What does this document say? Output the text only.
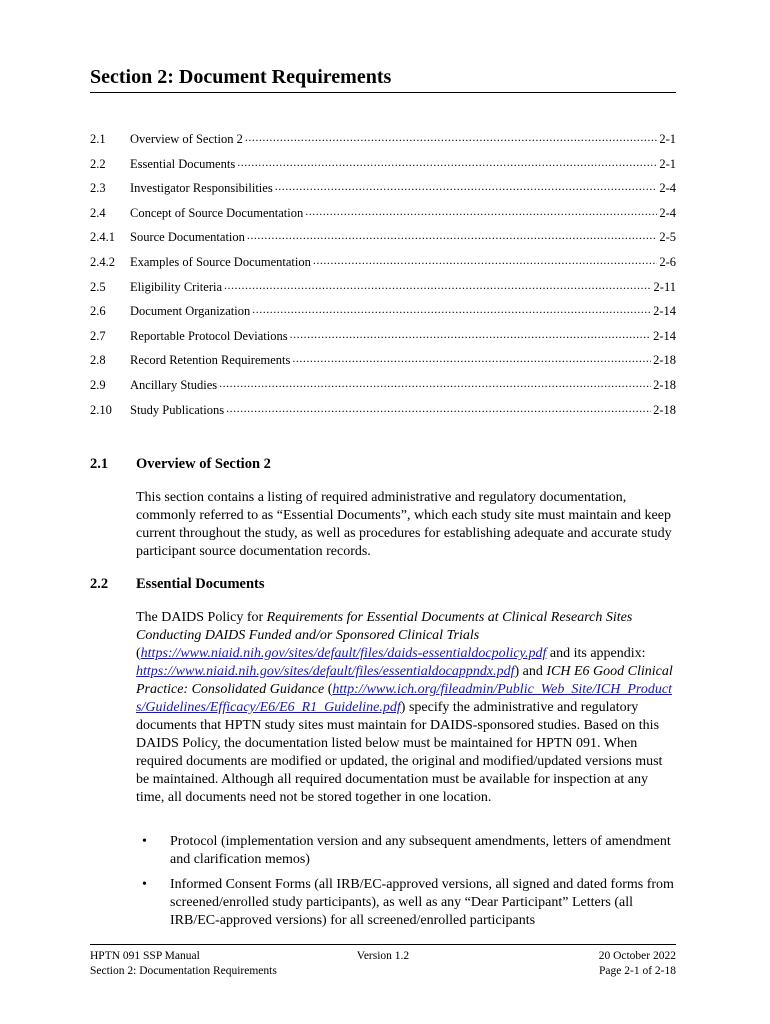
Section 2: Document Requirements
2.1	Overview of Section 2 .....	2-1
2.2	Essential Documents .....	2-1
2.3	Investigator Responsibilities .....	2-4
2.4	Concept of Source Documentation .....	2-4
2.4.1	Source Documentation .....	2-5
2.4.2	Examples of Source Documentation .....	2-6
2.5	Eligibility Criteria .....	2-11
2.6	Document Organization .....	2-14
2.7	Reportable Protocol Deviations .....	2-14
2.8	Record Retention Requirements .....	2-18
2.9	Ancillary Studies .....	2-18
2.10	Study Publications .....	2-18
2.1 Overview of Section 2
This section contains a listing of required administrative and regulatory documentation, commonly referred to as “Essential Documents”, which each study site must maintain and keep current throughout the study, as well as procedures for establishing adequate and accurate study participant source documentation records.
2.2 Essential Documents
The DAIDS Policy for Requirements for Essential Documents at Clinical Research Sites Conducting DAIDS Funded and/or Sponsored Clinical Trials (https://www.niaid.nih.gov/sites/default/files/daids-essentialdocpolicy.pdf and its appendix: https://www.niaid.nih.gov/sites/default/files/essentialdocappndx.pdf) and ICH E6 Good Clinical Practice: Consolidated Guidance (http://www.ich.org/fileadmin/Public_Web_Site/ICH_Products/Guidelines/Efficacy/E6/E6_R1_Guideline.pdf) specify the administrative and regulatory documents that HPTN study sites must maintain for DAIDS-sponsored studies. Based on this DAIDS Policy, the documentation listed below must be maintained for HPTN 091. When required documents are modified or updated, the original and modified/updated versions must be maintained. Although all required documentation must be available for inspection at any time, all documents need not be stored together in one location.
•	Protocol (implementation version and any subsequent amendments, letters of amendment and clarification memos)
•	Informed Consent Forms (all IRB/EC-approved versions, all signed and dated forms from screened/enrolled study participants), as well as any “Dear Participant” Letters (all IRB/EC-approved versions) for all screened/enrolled participants
HPTN 091 SSP Manual
Section 2: Documentation Requirements
Version 1.2	20 October 2022
Page 2-1 of 2-18
